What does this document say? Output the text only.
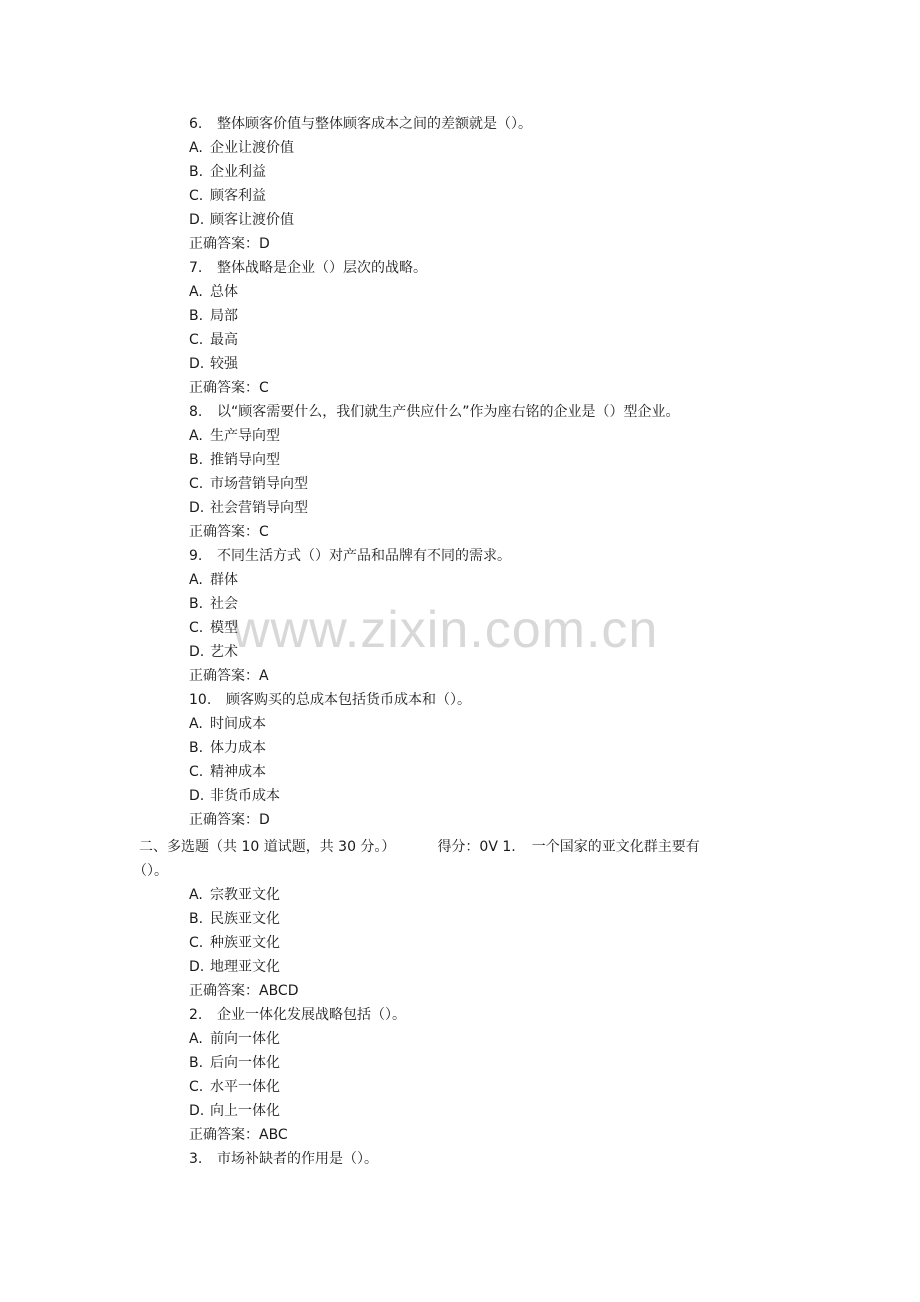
www.zixin.com.cn
6. 整体顾客价值与整体顾客成本之间的差额就是（）。
A. 企业让渡价值
B. 企业利益
C. 顾客利益
D. 顾客让渡价值
正确答案：D
7. 整体战略是企业（）层次的战略。
A. 总体
B. 局部
C. 最高
D. 较强
正确答案：C
8. 以“顾客需要什么，我们就生产供应什么”作为座右铭的企业是（）型企业。
A. 生产导向型
B. 推销导向型
C. 市场营销导向型
D. 社会营销导向型
正确答案：C
9. 不同生活方式（）对产品和品牌有不同的需求。
A. 群体
B. 社会
C. 模型
D. 艺术
正确答案：A
10. 顾客购买的总成本包括货币成本和（）。
A. 时间成本
B. 体力成本
C. 精神成本
D. 非货币成本
正确答案：D
二、多选题（共 10 道试题，共 30 分。）	得分：0V 1. 一个国家的亚文化群主要有
（）。
A. 宗教亚文化
B. 民族亚文化
C. 种族亚文化
D. 地理亚文化
正确答案：ABCD
2. 企业一体化发展战略包括（）。
A. 前向一体化
B. 后向一体化
C. 水平一体化
D. 向上一体化
正确答案：ABC
3. 市场补缺者的作用是（）。
